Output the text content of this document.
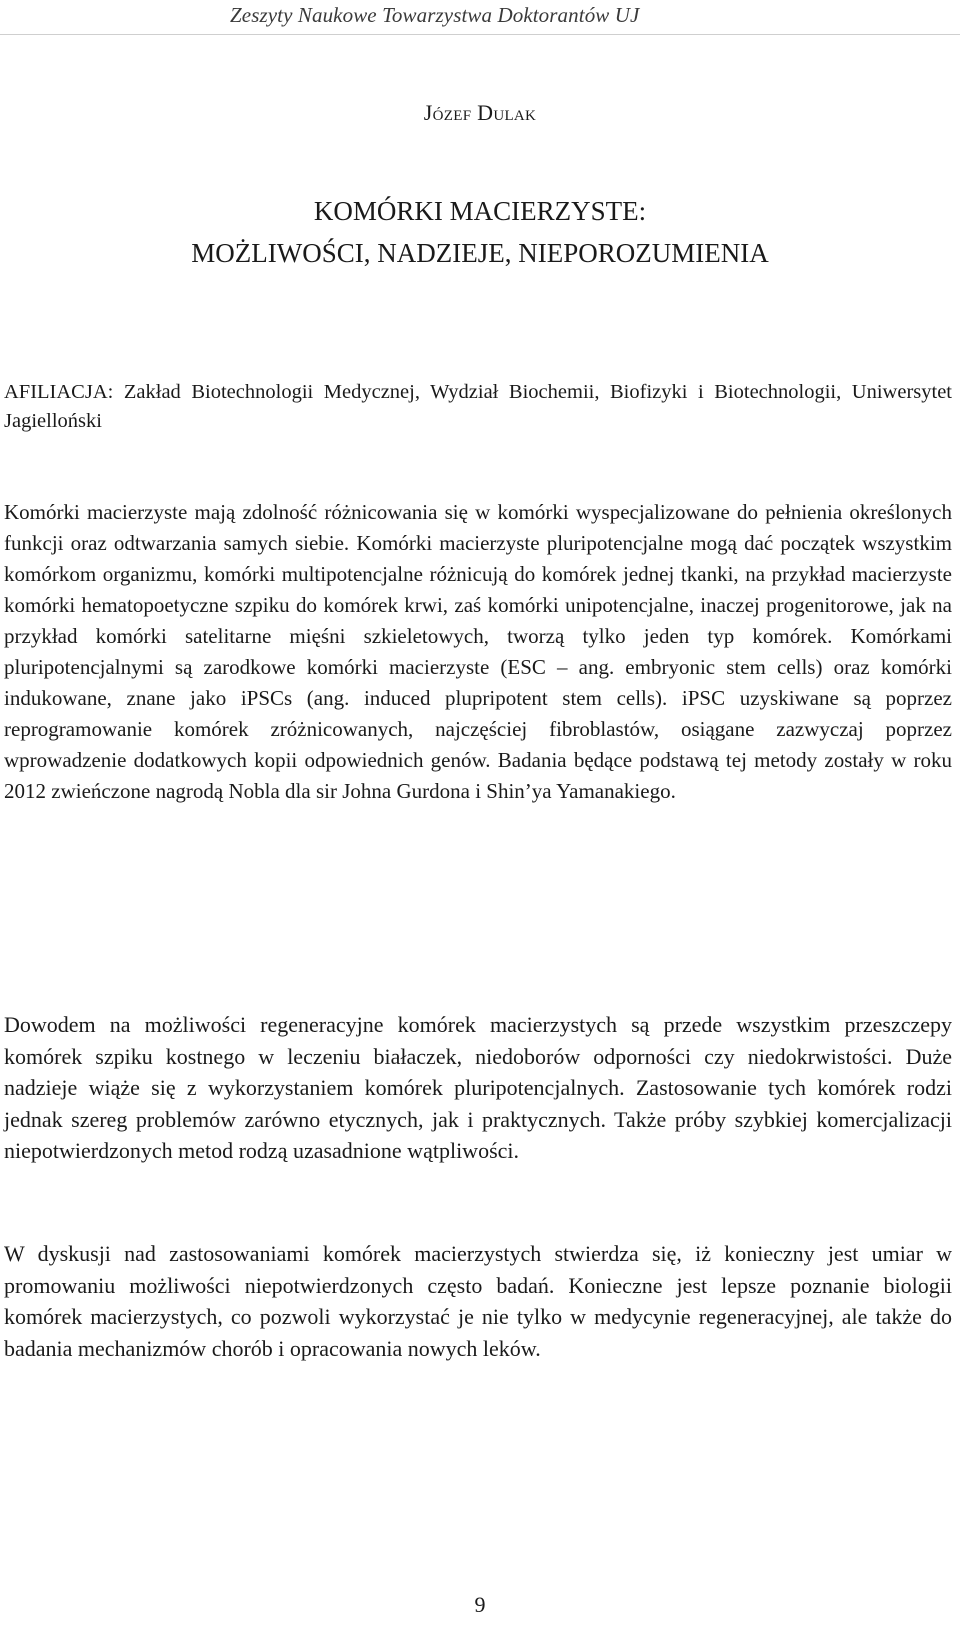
Zeszyty Naukowe Towarzystwa Doktorantów UJ
Józef Dulak
KOMÓRKI MACIERZYSTE:
MOŻLIWOŚCI, NADZIEJE, NIEPOROZUMIENIA
AFILIACJA: Zakład Biotechnologii Medycznej, Wydział Biochemii, Biofizyki i Biotechnologii, Uniwersytet Jagielloński
Komórki macierzyste mają zdolność różnicowania się w komórki wyspecjalizowane do pełnienia określonych funkcji oraz odtwarzania samych siebie. Komórki macierzyste pluripotencjalne mogą dać początek wszystkim komórkom organizmu, komórki multipotencjalne różnicują do komórek jednej tkanki, na przykład macierzyste komórki hematopoetyczne szpiku do komórek krwi, zaś komórki unipotencjalne, inaczej progenitorowe, jak na przykład komórki satelitarne mięśni szkieletowych, tworzą tylko jeden typ komórek. Komórkami pluripotencjalnymi są zarodkowe komórki macierzyste (ESC – ang. embryonic stem cells) oraz komórki indukowane, znane jako iPSCs (ang. induced plupripotent stem cells). iPSC uzyskiwane są poprzez reprogramowanie komórek zróżnicowanych, najczęściej fibroblastów, osiągane zazwyczaj poprzez wprowadzenie dodatkowych kopii odpowiednich genów. Badania będące podstawą tej metody zostały w roku 2012 zwieńczone nagrodą Nobla dla sir Johna Gurdona i Shin’ya Yamanakiego.
Dowodem na możliwości regeneracyjne komórek macierzystych są przede wszystkim przeszczepy komórek szpiku kostnego w leczeniu białaczek, niedoborów odporności czy niedokrwistości. Duże nadzieje wiąże się z wykorzystaniem komórek pluripotencjalnych. Zastosowanie tych komórek rodzi jednak szereg problemów zarówno etycznych, jak i praktycznych. Także próby szybkiej komercjalizacji niepotwierdzonych metod rodzą uzasadnione wątpliwości.
W dyskusji nad zastosowaniami komórek macierzystych stwierdza się, iż konieczny jest umiar w promowaniu możliwości niepotwierdzonych często badań. Konieczne jest lepsze poznanie biologii komórek macierzystych, co pozwoli wykorzystać je nie tylko w medycynie regeneracyjnej, ale także do badania mechanizmów chorób i opracowania nowych leków.
9
